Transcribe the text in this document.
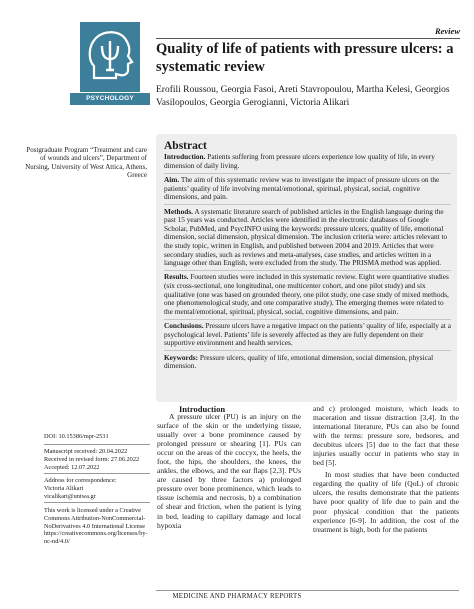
PSYCHOLOGY
Review
Quality of life of patients with pressure ulcers: a systematic review
Erofili Roussou, Georgia Fasoi, Areti Stavropoulou, Martha Kelesi, Georgios Vasilopoulos, Georgia Gerogianni, Victoria Alikari
Postgraduate Program “Treatment and care of wounds and ulcers”, Department of Nursing, University of West Attica, Athens, Greece
Abstract

Introduction. Patients suffering from pressure ulcers experience low quality of life, in every dimension of daily living.

Aim. The aim of this systematic review was to investigate the impact of pressure ulcers on the patients’ quality of life involving mental/emotional, spiritual, physical, social, cognitive dimensions, and pain.

Methods. A systematic literature search of published articles in the English language during the past 15 years was conducted. Articles were identified in the electronic databases of Google Scholar, PubMed, and PsycINFO using the keywords: pressure ulcers, quality of life, emotional dimension, social dimension, physical dimension. The inclusion criteria were: articles relevant to the study topic, written in English, and published between 2004 and 2019. Articles that were secondary studies, such as reviews and meta-analyses, case studies, and articles written in a language other than English, were excluded from the study. The PRISMA method was applied.

Results. Fourteen studies were included in this systematic review. Eight were quantitative studies (six cross-sectional, one longitudinal, one multicenter cohort, and one pilot study) and six qualitative (one was based on grounded theory, one pilot study, one case study of mixed methods, one phenomenological study, and one comparative study). The emerging themes were related to the mental/emotional, spiritual, physical, social, cognitive dimensions, and pain.

Conclusions. Pressure ulcers have a negative impact on the patients’ quality of life, especially at a psychological level. Patients’ life is severely affected as they are fully dependent on their supportive environment and health services.

Keywords: Pressure ulcers, quality of life, emotional dimension, social dimension, physical dimension.

DOI: 10.15386/mpr-2531
Manuscript received: 20.04.2022
Received in revised form: 27.06.2022
Accepted: 12.07.2022
Address for correspondence:
Victoria Alikari
vicalikari@uniwa.gr
This work is licensed under a Creative Commons Attribution-NonCommercial-NoDerivatives 4.0 International License https://creativecommons.org/licenses/by-nc-nd/4.0/
Introduction

A pressure ulcer (PU) is an injury on the surface of the skin or the underlying tissue, usually over a bone prominence caused by prolonged pressure or shearing [1]. PUs can occur on the areas of the coccyx, the heels, the foot, the hips, the shoulders, the knees, the ankles, the elbows, and the ear flaps [2,3]. PUs are caused by three factors a) prolonged pressure over bone prominence, which leads to tissue ischemia and necrosis, b) a combination of shear and friction, when the patient is lying in bed, leading to capillary damage and local hypoxia

and c) prolonged moisture, which leads to maceration and tissue distraction [3,4]. In the international literature, PUs can also be found with the terms: pressure sore, bedsores, and decubitus ulcers [5] due to the fact that these injuries usually occur in patients who stay in bed [5].

In most studies that have been conducted regarding the quality of life (QoL) of chronic ulcers, the results demonstrate that the patients have poor quality of life due to pain and the poor physical condition that the patients experience [6-9]. In addition, the cost of the treatment is high, both for the patients

MEDICINE AND PHARMACY REPORTS
